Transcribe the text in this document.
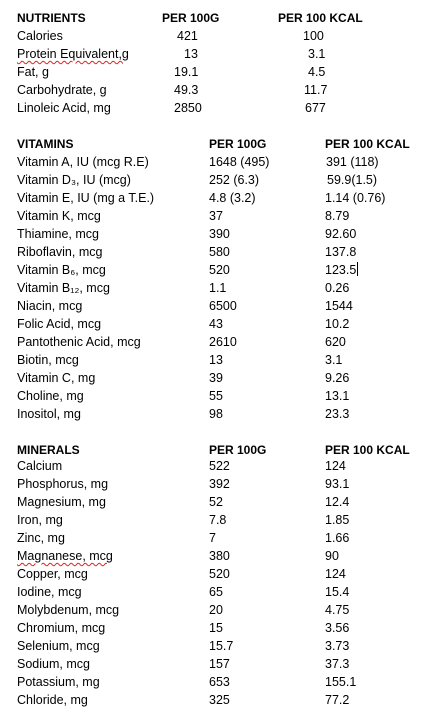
NUTRIENTS	PER 100G	PER 100 KCAL
Calories	421	100
Protein Equivalent,g	13	3.1
Fat, g	19.1	4.5
Carbohydrate, g	49.3	11.7
Linoleic Acid, mg	2850	677
VITAMINS	PER 100G	PER 100 KCAL
Vitamin A, IU (mcg R.E)	1648 (495)	391 (118)
Vitamin D₃, IU (mcg)	252 (6.3)	59.9(1.5)
Vitamin E, IU (mg a T.E.)	4.8 (3.2)	1.14 (0.76)
Vitamin K, mcg	37	8.79
Thiamine, mcg	390	92.60
Riboflavin, mcg	580	137.8
Vitamin B₆, mcg	520	123.5
Vitamin B₁₂, mcg	1.1	0.26
Niacin, mcg	6500	1544
Folic Acid, mcg	43	10.2
Pantothenic Acid, mcg	2610	620
Biotin, mcg	13	3.1
Vitamin C, mg	39	9.26
Choline, mg	55	13.1
Inositol, mg	98	23.3
MINERALS	PER 100G	PER 100 KCAL
Calcium	522	124
Phosphorus, mg	392	93.1
Magnesium, mg	52	12.4
Iron, mg	7.8	1.85
Zinc, mg	7	1.66
Magnanese, mcg	380	90
Copper, mcg	520	124
Iodine, mcg	65	15.4
Molybdenum, mcg	20	4.75
Chromium, mcg	15	3.56
Selenium, mcg	15.7	3.73
Sodium, mcg	157	37.3
Potassium, mg	653	155.1
Chloride, mg	325	77.2
